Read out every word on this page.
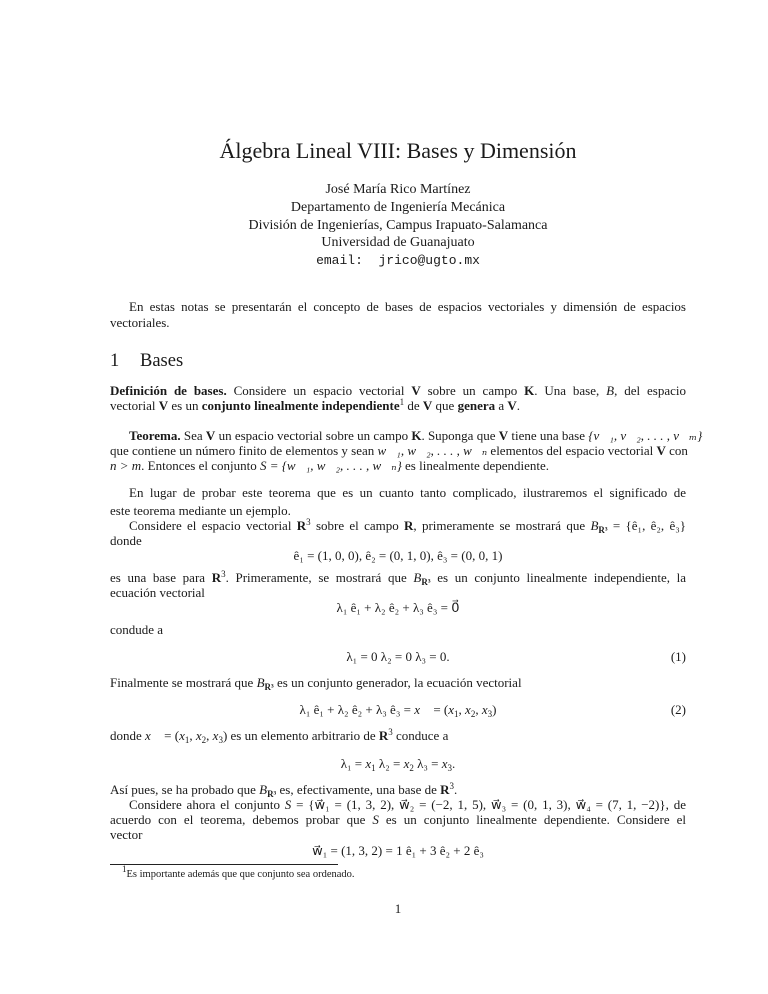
Álgebra Lineal VIII: Bases y Dimensión
José María Rico Martínez
Departamento de Ingeniería Mecánica
División de Ingenierías, Campus Irapuato-Salamanca
Universidad de Guanajuato
email: jrico@ugto.mx
En estas notas se presentarán el concepto de bases de espacios vectoriales y dimensión de espacios
vectoriales.
1 Bases
Definición de bases. Considere un espacio vectorial V sobre un campo K. Una base, B, del espacio
vectorial V es un conjunto linealmente independiente$^1$ de V que genera a V.
Teorema. Sea V un espacio vectorial sobre un campo K. Suponga que V tiene una base {v⃗₁, v⃗₂, . . . , v⃗ₘ}
que contiene un número finito de elementos y sean w⃗₁, w⃗₂, . . . , w⃗ₙ elementos del espacio vectorial V con
n > m. Entonces el conjunto S = {w⃗₁, w⃗₂, . . . , w⃗ₙ} es linealmente dependiente.
En lugar de probar este teorema que es un cuanto tanto complicado, ilustraremos el significado de
este teorema mediante un ejemplo.
Considere el espacio vectorial $R^3$ sobre el campo R, primeramente se mostrará que $B_{R^3}$ = {ê₁, ê₂, ê₃}
donde
ê₁ = (1, 0, 0), ê₂ = (0, 1, 0), ê₃ = (0, 0, 1)
es una base para $R^3$. Primeramente, se mostrará que $B_{R^3}$ es un conjunto linealmente independiente, la
ecuación vectorial
λ₁ ê₁ + λ₂ ê₂ + λ₃ ê₃ = 0⃗
condude a
λ₁ = 0 λ₂ = 0 λ₃ = 0.	(1)
Finalmente se mostrará que $B_{R^3}$ es un conjunto generador, la ecuación vectorial
λ₁ ê₁ + λ₂ ê₂ + λ₃ ê₃ = x⃗ = ($x_1$, $x_2$, $x_3$)	(2)
donde x⃗ = ($x_1$, $x_2$, $x_3$) es un elemento arbitrario de $R^3$ conduce a
$\lambda_1 = x_1$ $\lambda_2 = x_2$ $\lambda_3 = x_3$.
Así pues, se ha probado que $B_{R^3}$ es, efectivamente, una base de $R^3$.
Considere ahora el conjunto S = {w⃗₁ = (1, 3, 2), w⃗₂ = (−2, 1, 5), w⃗₃ = (0, 1, 3), w⃗₄ = (7, 1, −2)}, de
acuerdo con el teorema, debemos probar que S es un conjunto linealmente dependiente. Considere el
vector
w⃗₁ = (1, 3, 2) = 1 ê₁ + 3 ê₂ + 2 ê₃
1Es importante además que que conjunto sea ordenado.
1
